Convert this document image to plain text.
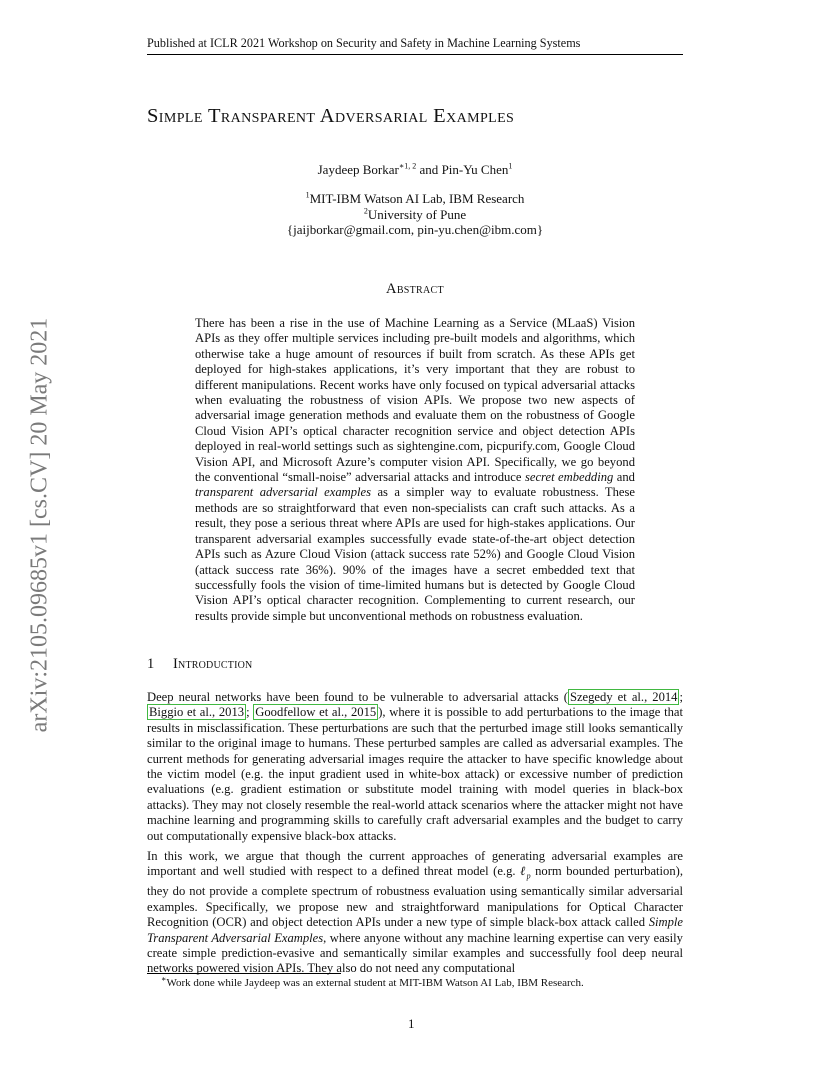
Published at ICLR 2021 Workshop on Security and Safety in Machine Learning Systems
arXiv:2105.09685v1 [cs.CV] 20 May 2021
Simple Transparent Adversarial Examples
Jaydeep Borkar$^{∗1, 2}$ and Pin-Yu Chen$^1$
$^1$MIT-IBM Watson AI Lab, IBM Research
$^2$University of Pune
{jaijborkar@gmail.com, pin-yu.chen@ibm.com}
Abstract
There has been a rise in the use of Machine Learning as a Service (MLaaS) Vision APIs as they offer multiple services including pre-built models and algorithms, which otherwise take a huge amount of resources if built from scratch. As these APIs get deployed for high-stakes applications, it’s very important that they are robust to different manipulations. Recent works have only focused on typical adversarial attacks when evaluating the robustness of vision APIs. We propose two new aspects of adversarial image generation methods and evaluate them on the robustness of Google Cloud Vision API’s optical character recognition service and object detection APIs deployed in real-world settings such as sightengine.com, picpurify.com, Google Cloud Vision API, and Microsoft Azure’s computer vision API. Specifically, we go beyond the conventional “small-noise” adversarial attacks and introduce secret embedding and transparent adversarial examples as a simpler way to evaluate robustness. These methods are so straightforward that even non-specialists can craft such attacks. As a result, they pose a serious threat where APIs are used for high-stakes applications. Our transparent adversarial examples successfully evade state-of-the-art object detection APIs such as Azure Cloud Vision (attack success rate 52%) and Google Cloud Vision (attack success rate 36%). 90% of the images have a secret embedded text that successfully fools the vision of time-limited humans but is detected by Google Cloud Vision API’s optical character recognition. Complementing to current research, our results provide simple but unconventional methods on robustness evaluation.
1 Introduction
Deep neural networks have been found to be vulnerable to adversarial attacks ( Szegedy et al., 2014 ; Biggio et al., 2013 ; Goodfellow et al., 2015 ), where it is possible to add perturbations to the image that results in misclassification. These perturbations are such that the perturbed image still looks semantically similar to the original image to humans. These perturbed samples are called as adversarial examples. The current methods for generating adversarial images require the attacker to have specific knowledge about the victim model (e.g. the input gradient used in white-box attack) or excessive number of prediction evaluations (e.g. gradient estimation or substitute model training with model queries in black-box attacks). They may not closely resemble the real-world attack scenarios where the attacker might not have machine learning and programming skills to carefully craft adversarial examples and the budget to carry out computationally expensive black-box attacks.
In this work, we argue that though the current approaches of generating adversarial examples are important and well studied with respect to a defined threat model (e.g. ℓ$_p$ norm bounded perturbation), they do not provide a complete spectrum of robustness evaluation using semantically similar adversarial examples. Specifically, we propose new and straightforward manipulations for Optical Character Recognition (OCR) and object detection APIs under a new type of simple black-box attack called Simple Transparent Adversarial Examples, where anyone without any machine learning expertise can very easily create simple prediction-evasive and semantically similar examples and successfully fool deep neural networks powered vision APIs. They also do not need any computational
∗Work done while Jaydeep was an external student at MIT-IBM Watson AI Lab, IBM Research.
1
